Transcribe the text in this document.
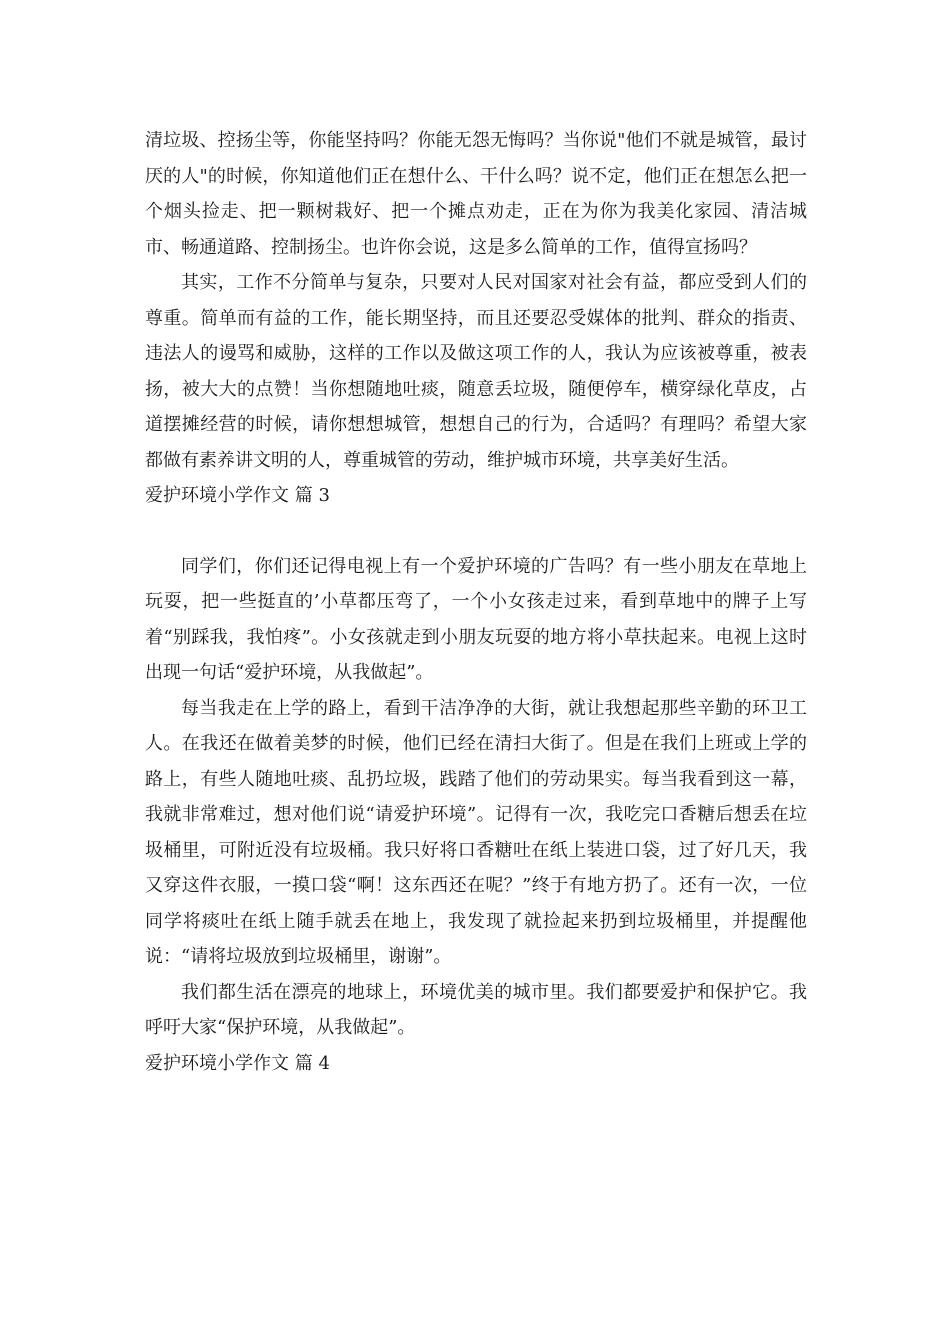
清垃圾、控扬尘等，你能坚持吗？你能无怨无悔吗？当你说"他们不就是城管，最讨厌的人"的时候，你知道他们正在想什么、干什么吗？说不定，他们正在想怎么把一个烟头捡走、把一颗树栽好、把一个摊点劝走，正在为你为我美化家园、清洁城市、畅通道路、控制扬尘。也许你会说，这是多么简单的工作，值得宣扬吗？

其实，工作不分简单与复杂，只要对人民对国家对社会有益，都应受到人们的尊重。简单而有益的工作，能长期坚持，而且还要忍受媒体的批判、群众的指责、违法人的谩骂和威胁，这样的工作以及做这项工作的人，我认为应该被尊重，被表扬，被大大的点赞！当你想随地吐痰，随意丢垃圾，随便停车，横穿绿化草皮，占道摆摊经营的时候，请你想想城管，想想自己的行为，合适吗？有理吗？希望大家都做有素养讲文明的人，尊重城管的劳动，维护城市环境，共享美好生活。

爱护环境小学作文 篇 3

同学们，你们还记得电视上有一个爱护环境的广告吗？有一些小朋友在草地上玩耍，把一些挺直的’小草都压弯了，一个小女孩走过来，看到草地中的牌子上写着“别踩我，我怕疼”。小女孩就走到小朋友玩耍的地方将小草扶起来。电视上这时出现一句话“爱护环境，从我做起”。

每当我走在上学的路上，看到干洁净净的大街，就让我想起那些辛勤的环卫工人。在我还在做着美梦的时候，他们已经在清扫大街了。但是在我们上班或上学的路上，有些人随地吐痰、乱扔垃圾，践踏了他们的劳动果实。每当我看到这一幕，我就非常难过，想对他们说“请爱护环境”。记得有一次，我吃完口香糖后想丢在垃圾桶里，可附近没有垃圾桶。我只好将口香糖吐在纸上装进口袋，过了好几天，我又穿这件衣服，一摸口袋“啊！这东西还在呢？”终于有地方扔了。还有一次，一位同学将痰吐在纸上随手就丢在地上，我发现了就捡起来扔到垃圾桶里，并提醒他说：“请将垃圾放到垃圾桶里，谢谢”。

我们都生活在漂亮的地球上，环境优美的城市里。我们都要爱护和保护它。我呼吁大家“保护环境，从我做起”。

爱护环境小学作文 篇 4
